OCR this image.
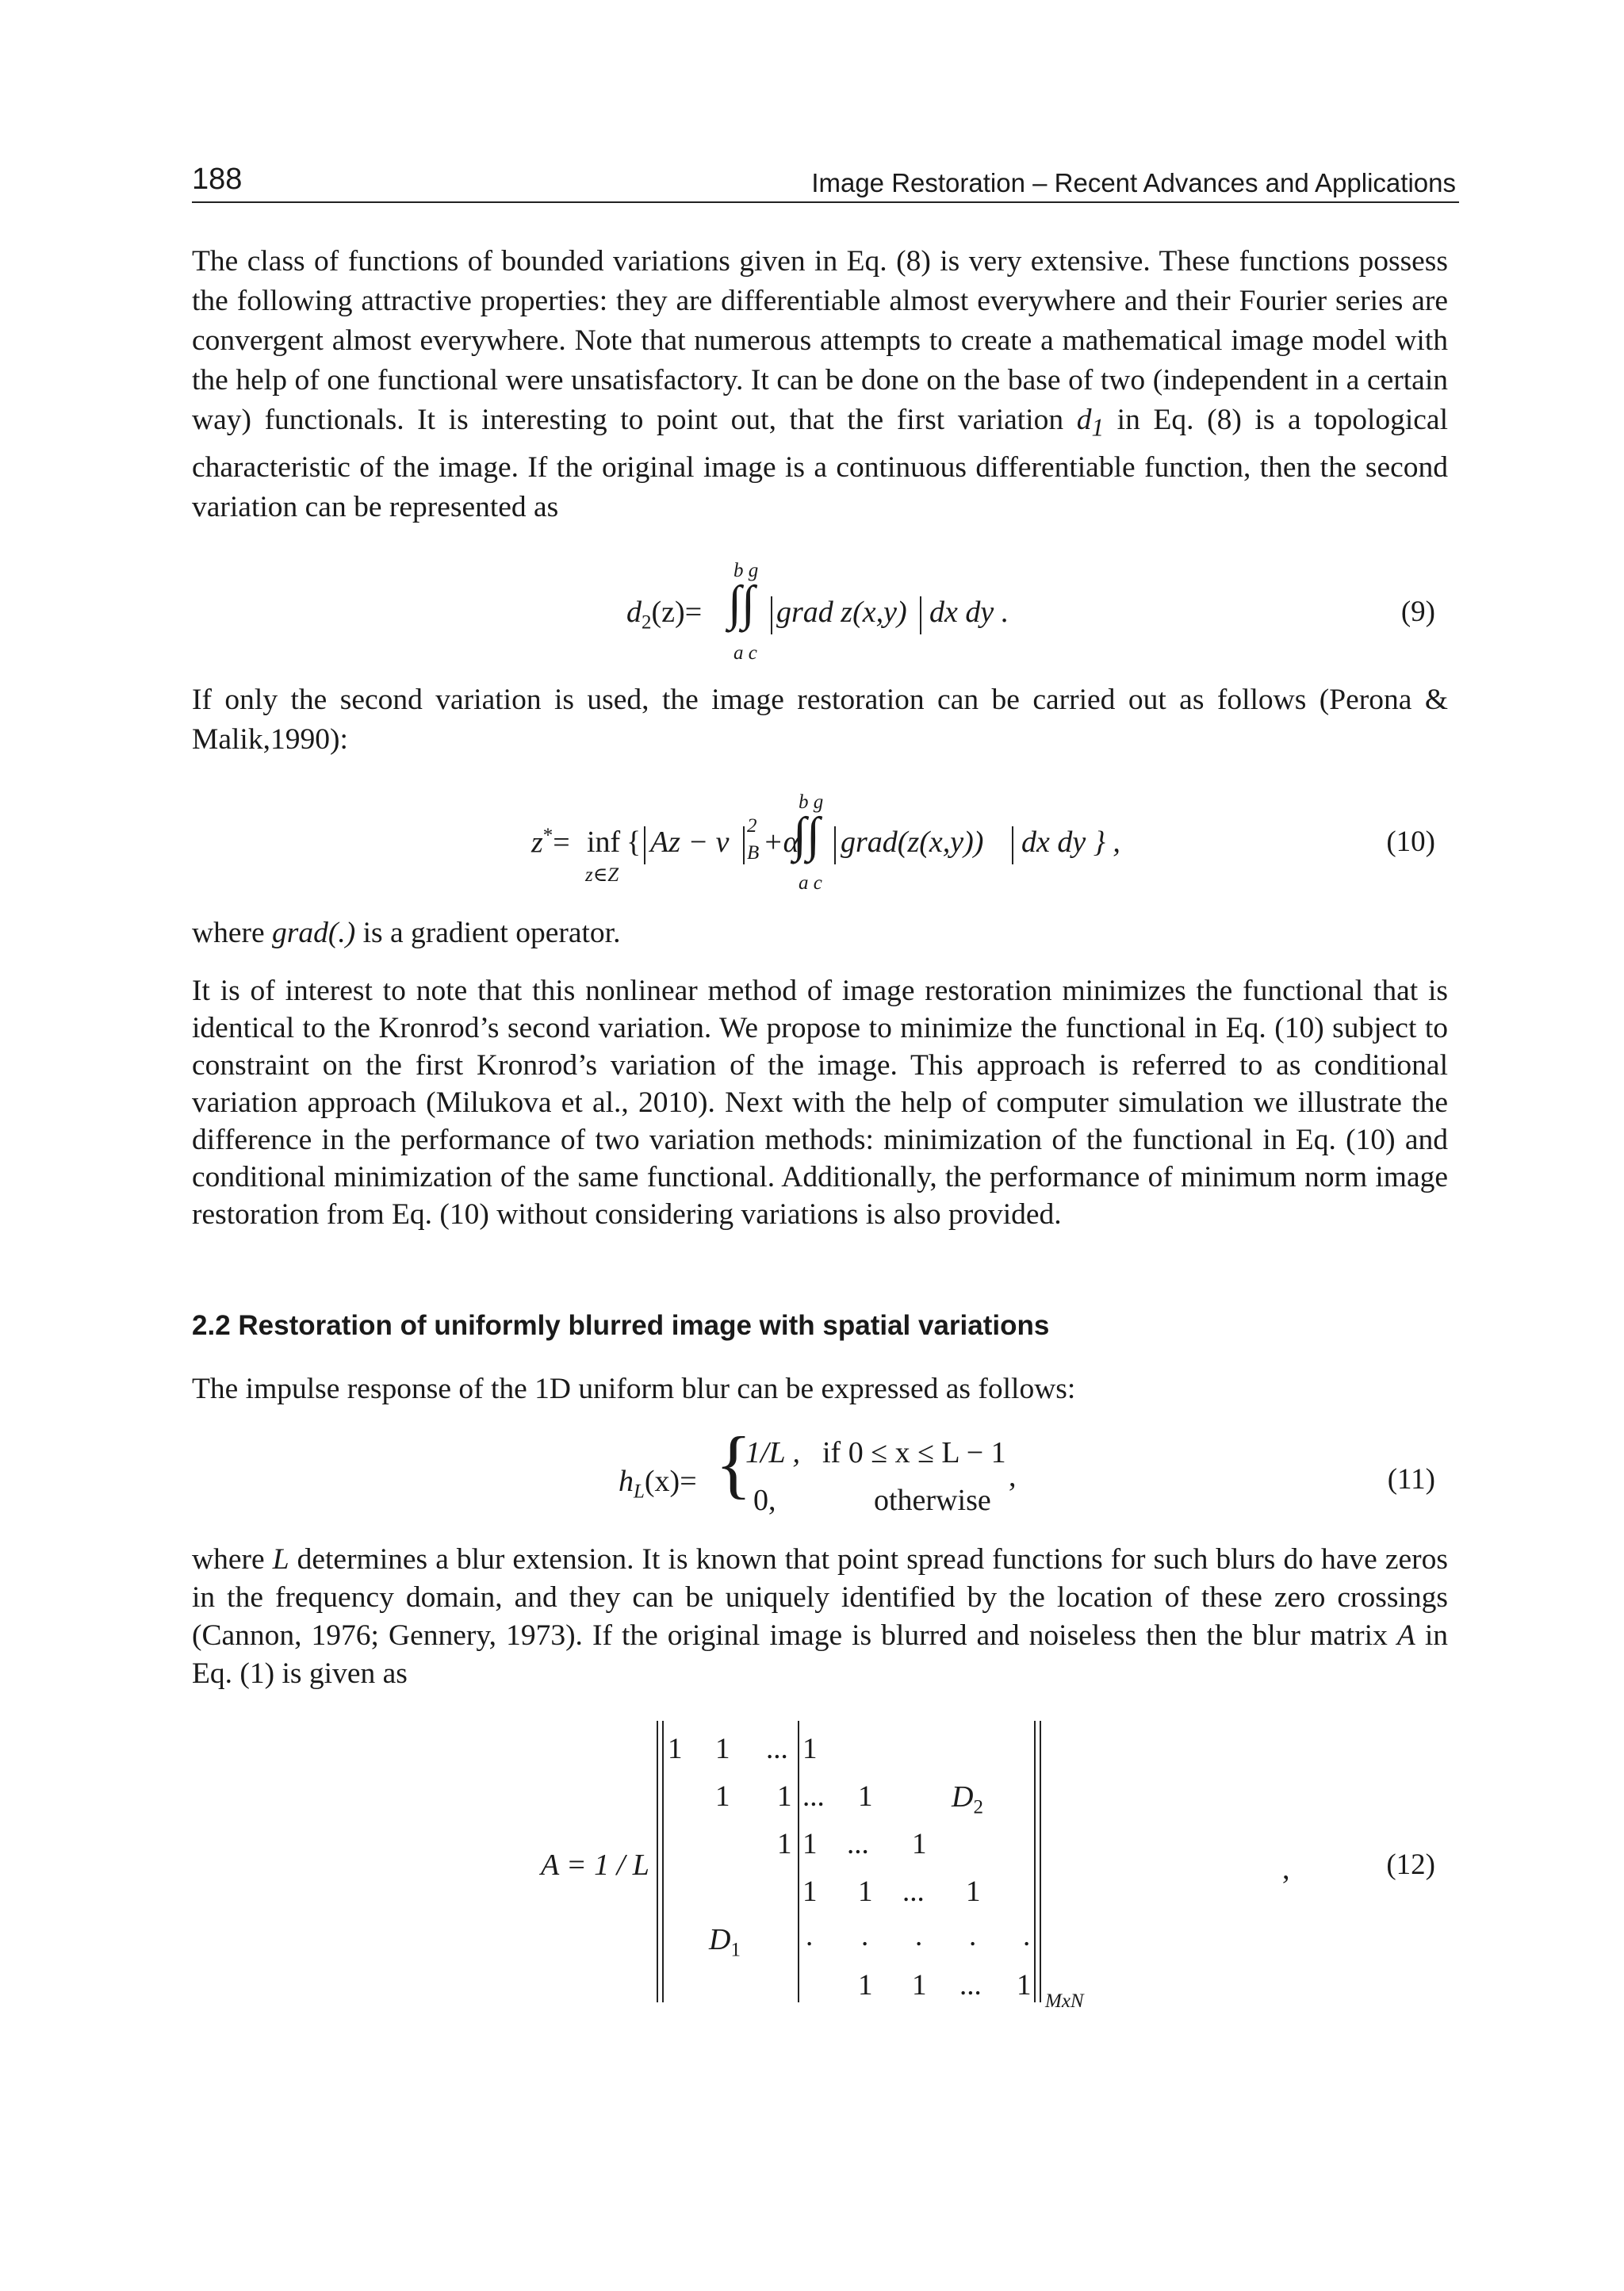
188	Image Restoration – Recent Advances and Applications

The class of functions of bounded variations given in Eq. (8) is very extensive. These functions possess the following attractive properties: they are differentiable almost everywhere and their Fourier series are convergent almost everywhere. Note that numerous attempts to create a mathematical image model with the help of one functional were unsatisfactory. It can be done on the base of two (independent in a certain way) functionals. It is interesting to point out, that the first variation $d_1$ in Eq. (8) is a topological characteristic of the image. If the original image is a continuous differentiable function, then the second variation can be represented as

$d_2(z)=$
b g
∫∫
a c
grad z(x,y) dx dy .	(9)

If only the second variation is used, the image restoration can be carried out as follows (Perona & Malik,1990):

z*= inf
z∈Z
{ Az − v 2
B +α
b g
∫∫
a c
grad(z(x,y)) dx dy } ,	(10)

where grad(.) is a gradient operator.

It is of interest to note that this nonlinear method of image restoration minimizes the functional that is identical to the Kronrod’s second variation. We propose to minimize the functional in Eq. (10) subject to constraint on the first Kronrod’s variation of the image. This approach is referred to as conditional variation approach (Milukova et al., 2010). Next with the help of computer simulation we illustrate the difference in the performance of two variation methods: minimization of the functional in Eq. (10) and conditional minimization of the same functional. Additionally, the performance of minimum norm image restoration from Eq. (10) without considering variations is also provided.

2.2 Restoration of uniformly blurred image with spatial variations

The impulse response of the 1D uniform blur can be expressed as follows:

$h_L(x)=$ {
1/L , if 0 ≤ x ≤ L − 1
0,	otherwise
,	(11)

where L determines a blur extension. It is known that point spread functions for such blurs do have zeros in the frequency domain, and they can be uniquely identified by the location of these zero crossings (Cannon, 1976; Gennery, 1973). If the original image is blurred and noiseless then the blur matrix A in Eq. (1) is given as

A = 1 / L
1 1 ... 1
1 1 ... 1	$D_2$
1 1 ... 1
1 1 ... 1
$D_1$ . . . . .
1 1 ... 1 MxN
,	(12)
